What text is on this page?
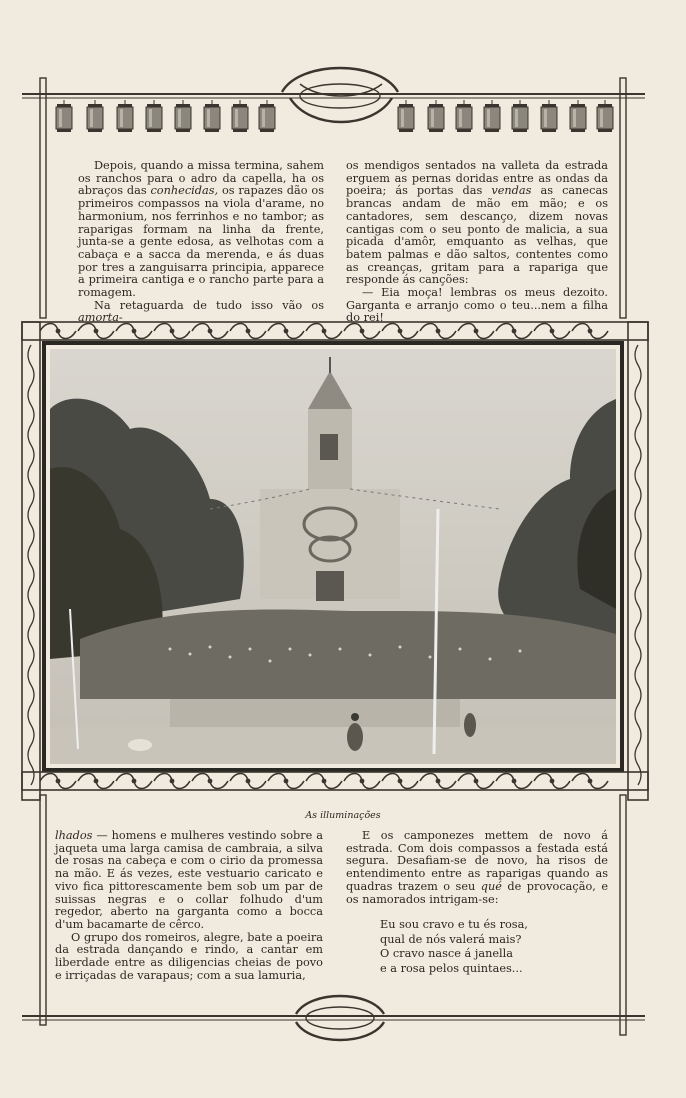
Depois, quando a missa termina, sahem os ranchos para o adro da capella, ha os abraços das conhecidas, os rapazes dão os primeiros compassos na viola d'arame, no harmonium, nos ferrinhos e no tambor; as raparigas formam na linha da frente, junta-se a gente edosa, as velhotas com a cabaça e a sacca da merenda, e ás duas por tres a zanguisarra principia, apparece a primeira cantiga e o rancho parte para a romagem.

Na retaguarda de tudo isso vão os amorta-

os mendigos sentados na valleta da estrada erguem as pernas doridas entre as ondas da poeira; ás portas das vendas as canecas brancas andam de mão em mão; e os cantadores, sem descanço, dizem novas cantigas com o seu ponto de malicia, a sua picada d'amôr, emquanto as velhas, que batem palmas e dão saltos, contentes como as creanças, gritam para a rapariga que responde ás canções:

— Eia moça! lembras os meus dezoito. Garganta e arranjo como o teu...nem a filha do rei!

As illuminações

lhados — homens e mulheres vestindo sobre a jaqueta uma larga camisa de cambraia, a silva de rosas na cabeça e com o cirio da promessa na mão. E ás vezes, este vestuario caricato e vivo fica pittorescamente bem sob um par de suissas negras e o collar folhudo d'um regedor, aberto na garganta como a bocca d'um bacamarte de cêrco.

O grupo dos romeiros, alegre, bate a poeira da estrada dançando e rindo, a cantar em liberdade entre as diligencias cheias de povo e irriçadas de varapaus; com a sua lamuria,

E os camponezes mettem de novo á estrada. Com dois compassos a festada está segura. Desafiam-se de novo, ha risos de entendimento entre as raparigas quando as quadras trazem o seu qué de provocação, e os namorados intrigam-se:

Eu sou cravo e tu és rosa,

qual de nós valerá mais?

O cravo nasce á janella

e a rosa pelos quintaes...
